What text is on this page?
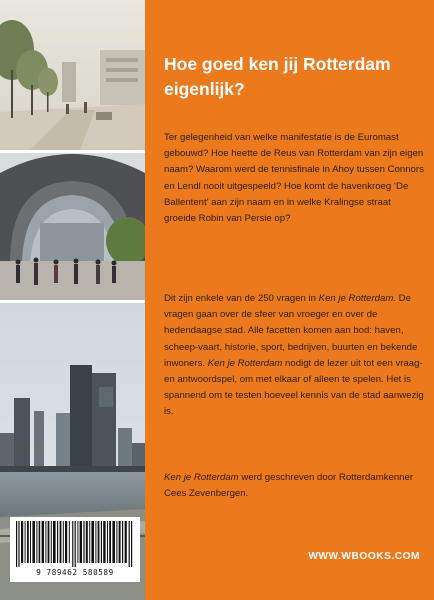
9 789462 580589
Hoe goed ken jij Rotterdam eigenlijk?

Ter gelegenheid van welke manifestatie is de Euromast gebouwd? Hoe heette de Reus van Rotterdam van zijn eigen naam? Waarom werd de tennisfinale in Ahoy tussen Connors en Lendl nooit uitgespeeld? Hoe komt de havenkroeg ‘De Ballentent’ aan zijn naam en in welke Kralingse straat groeide Robin van Persie op?

Dit zijn enkele van de 250 vragen in Ken je Rotterdam. De vragen gaan over de sfeer van vroeger en over de hedendaagse stad. Alle facetten komen aan bod: haven, scheep-vaart, historie, sport, bedrijven, buurten en bekende inwoners. Ken je Rotterdam nodigt de lezer uit tot een vraag- en antwoordspel, om met elkaar of alleen te spelen. Het is spannend om te testen hoeveel kennis van de stad aanwezig is.

Ken je Rotterdam werd geschreven door Rotterdamkenner Cees Zevenbergen.

WWW.WBOOKS.COM
